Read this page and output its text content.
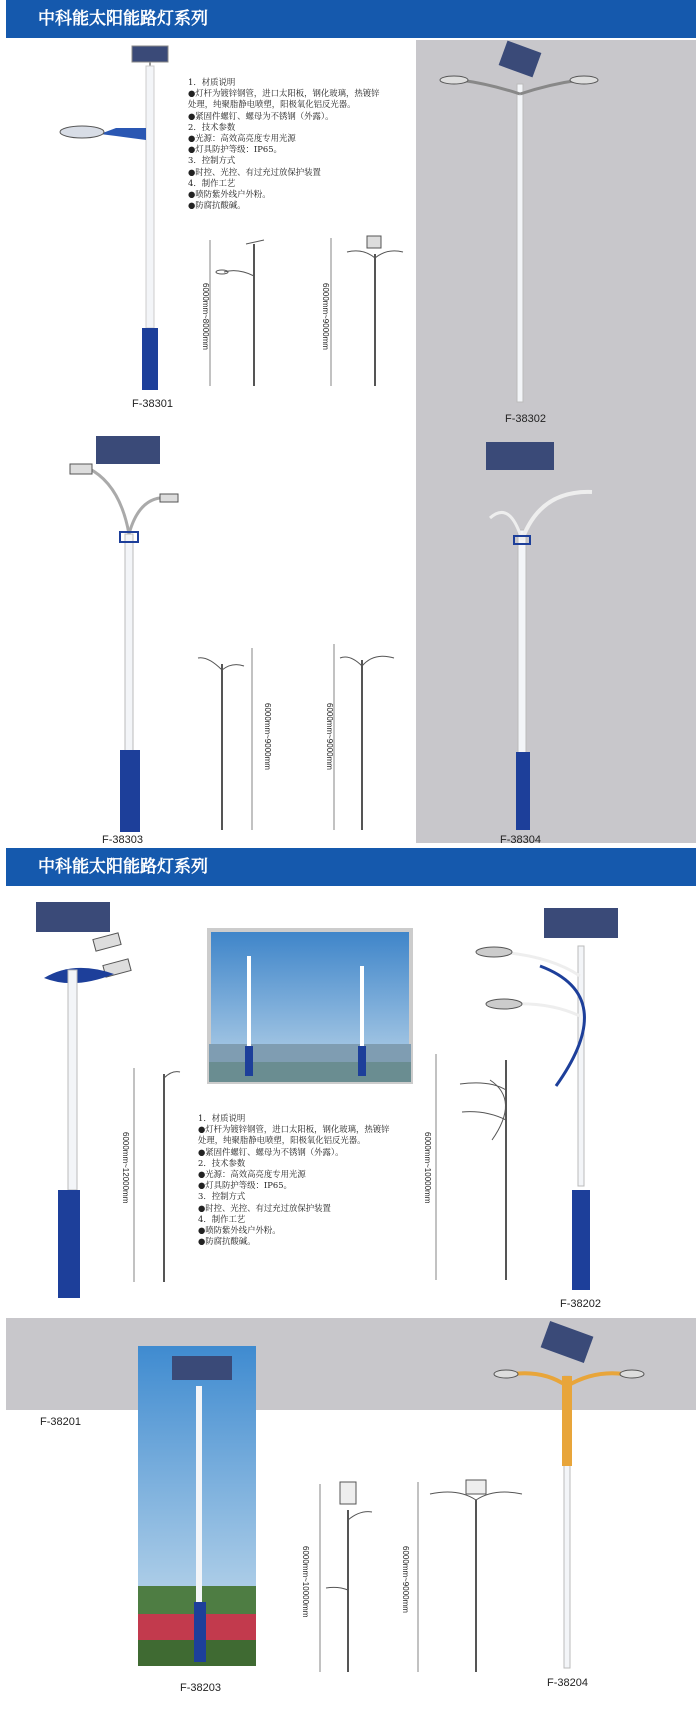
中科能太阳能路灯系列
F-38301
1．材质说明
●灯杆为镀锌钢管，进口太阳板，钢化玻璃，热镀锌
处理，纯聚脂静电喷塑，阳极氧化铝反光器。
●紧固件螺钉、螺母为不锈钢（外露）。
2．技术参数
●光源：高效高亮度专用光源
●灯具防护等级：IP65。
3．控制方式
●时控、光控、有过充过放保护装置
4．制作工艺
●喷防紫外线户外粉。
●防腐抗酸碱。
6000mm~8000mm	6000mm~9000mm
F-38302
F-38303
6000mm~9000mm	6000mm~9000mm
F-38304
中科能太阳能路灯系列
F-38201
6000mm~12000mm
1．材质说明
●灯杆为镀锌钢管，进口太阳板，钢化玻璃，热镀锌
处理，纯聚脂静电喷塑，阳极氧化铝反光器。
●紧固件螺钉、螺母为不锈钢（外露）。
2．技术参数
●光源：高效高亮度专用光源
●灯具防护等级：IP65。
3．控制方式
●时控、光控、有过充过放保护装置
4．制作工艺
●喷防紫外线户外粉。
●防腐抗酸碱。
6000mm~10000mm
F-38202
F-38203
6000mm~10000mm	6000mm~9000mm
F-38204
